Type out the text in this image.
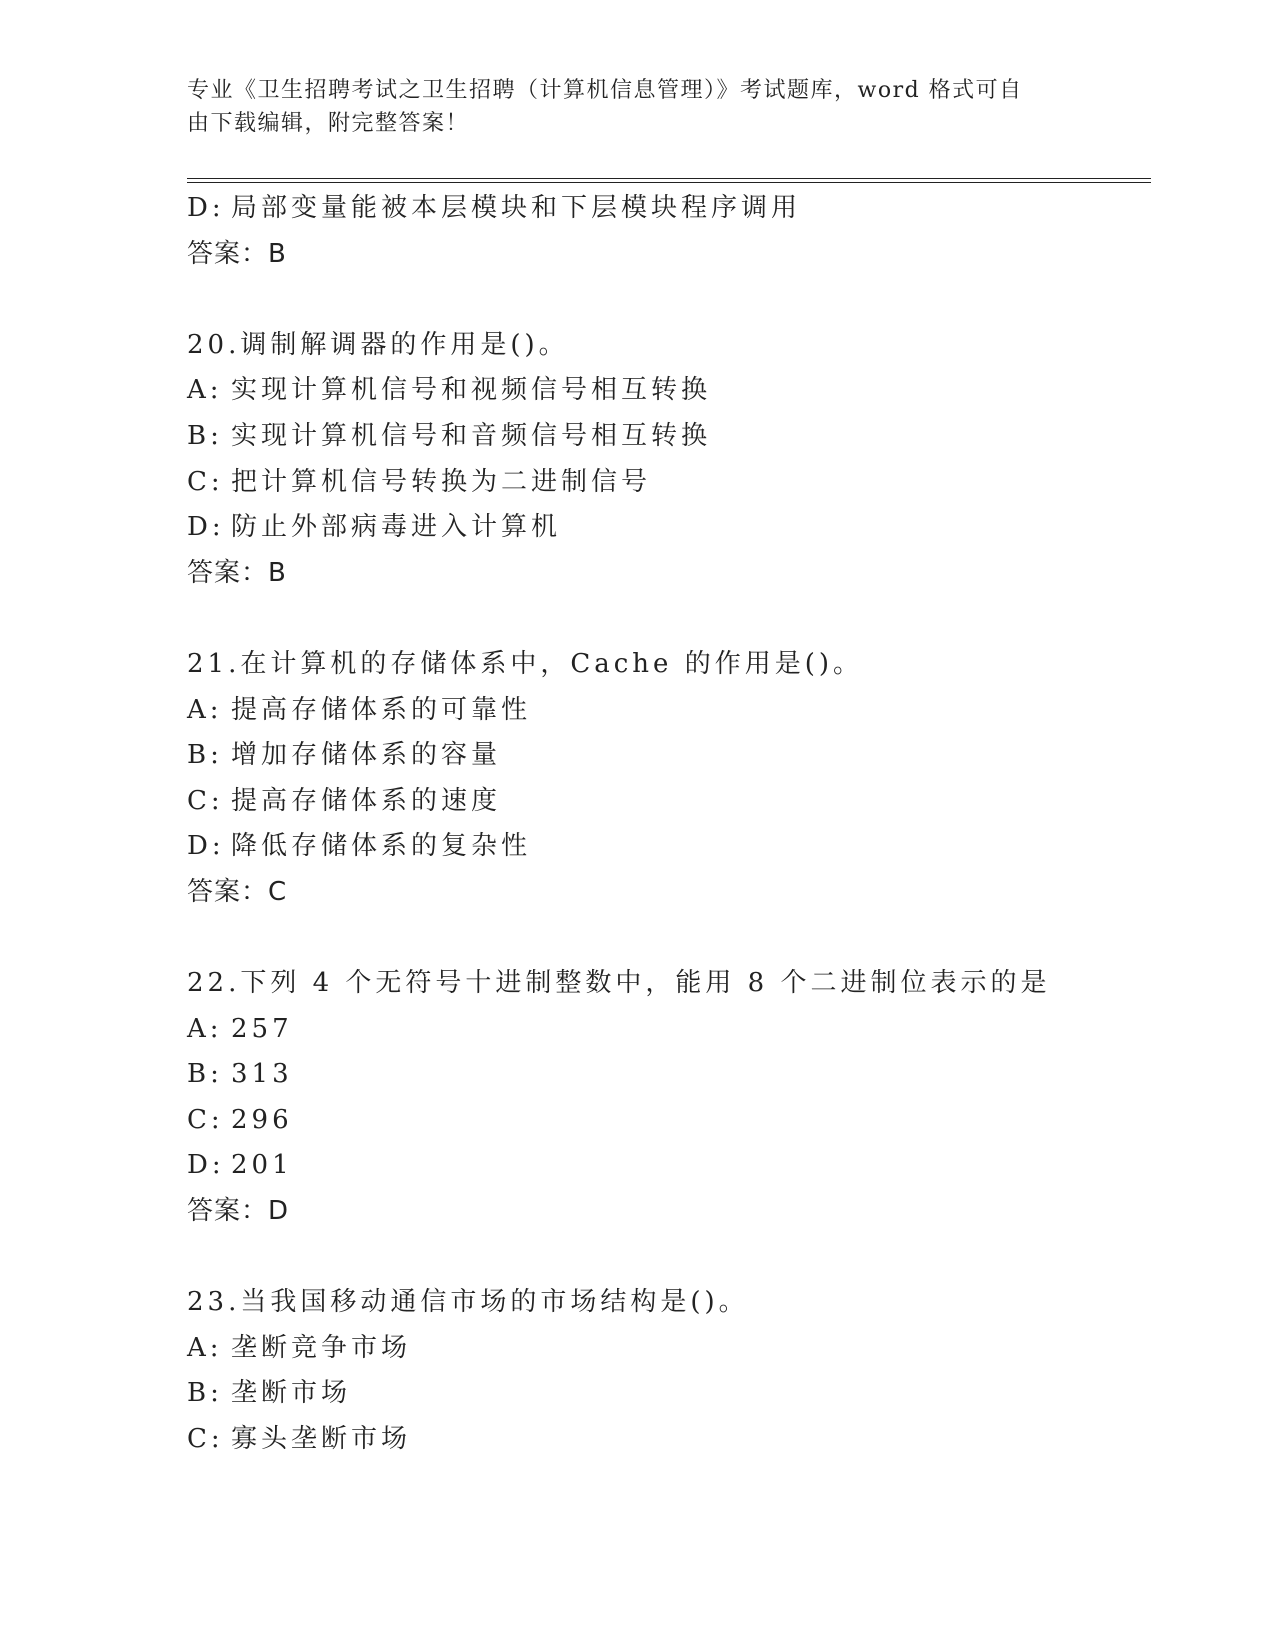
专业《卫生招聘考试之卫生招聘（计算机信息管理）》考试题库，word 格式可自
由下载编辑，附完整答案！
D: 局部变量能被本层模块和下层模块程序调用
答案：B
20.调制解调器的作用是()。
A: 实现计算机信号和视频信号相互转换
B: 实现计算机信号和音频信号相互转换
C: 把计算机信号转换为二进制信号
D: 防止外部病毒进入计算机
答案：B
21.在计算机的存储体系中，Cache 的作用是()。
A: 提高存储体系的可靠性
B: 增加存储体系的容量
C: 提高存储体系的速度
D: 降低存储体系的复杂性
答案：C
22.下列 4 个无符号十进制整数中，能用 8 个二进制位表示的是
A: 257
B: 313
C: 296
D: 201
答案：D
23.当我国移动通信市场的市场结构是()。
A: 垄断竞争市场
B: 垄断市场
C: 寡头垄断市场
